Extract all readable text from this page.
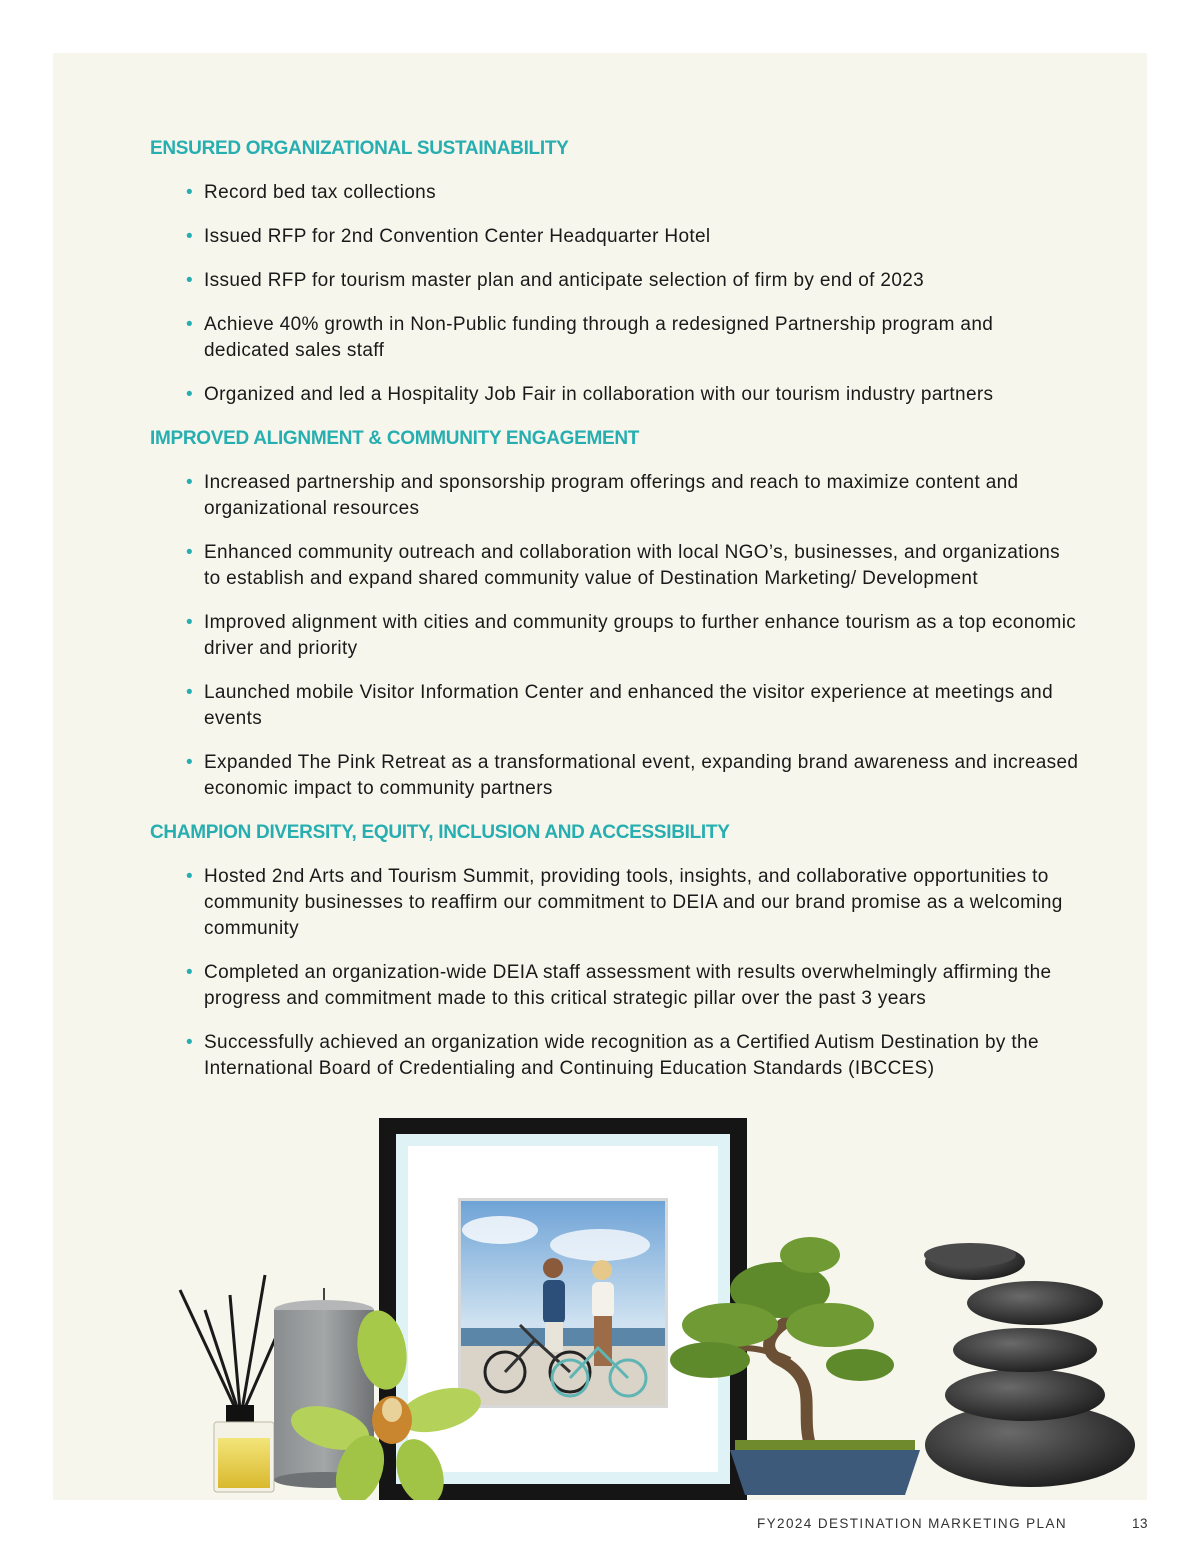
ENSURED ORGANIZATIONAL SUSTAINABILITY
• Record bed tax collections
• Issued RFP for 2nd Convention Center Headquarter Hotel
• Issued RFP for tourism master plan and anticipate selection of firm by end of 2023
• Achieve 40% growth in Non-Public funding through a redesigned Partnership program and dedicated sales staff
• Organized and led a Hospitality Job Fair in collaboration with our tourism industry partners
IMPROVED ALIGNMENT & COMMUNITY ENGAGEMENT
• Increased partnership and sponsorship program offerings and reach to maximize content and organizational resources
• Enhanced community outreach and collaboration with local NGO’s, businesses, and organizations to establish and expand shared community value of Destination Marketing/ Development
• Improved alignment with cities and community groups to further enhance tourism as a top economic driver and priority
• Launched mobile Visitor Information Center and enhanced the visitor experience at meetings and events
• Expanded The Pink Retreat as a transformational event, expanding brand awareness and increased economic impact to community partners
CHAMPION DIVERSITY, EQUITY, INCLUSION AND ACCESSIBILITY
• Hosted 2nd Arts and Tourism Summit, providing tools, insights, and collaborative opportunities to community businesses to reaffirm our commitment to DEIA and our brand promise as a welcoming community
• Completed an organization-wide DEIA staff assessment with results overwhelmingly affirming the progress and commitment made to this critical strategic pillar over the past 3 years
• Successfully achieved an organization wide recognition as a Certified Autism Destination by the International Board of Credentialing and Continuing Education Standards (IBCCES)
FY2024 DESTINATION MARKETING PLAN	13
